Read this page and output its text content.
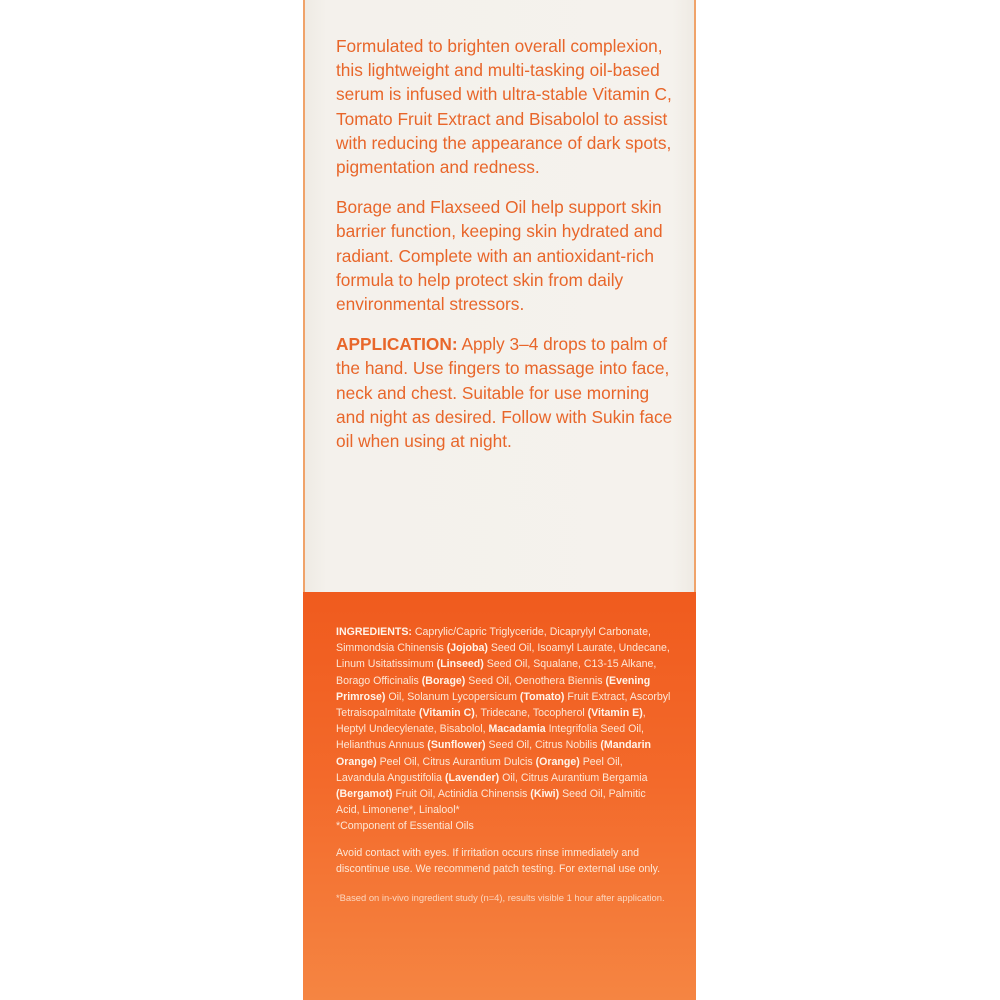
Formulated to brighten overall complexion, this lightweight and multi-tasking oil-based serum is infused with ultra-stable Vitamin C, Tomato Fruit Extract and Bisabolol to assist with reducing the appearance of dark spots, pigmentation and redness.

Borage and Flaxseed Oil help support skin barrier function, keeping skin hydrated and radiant. Complete with an antioxidant-rich formula to help protect skin from daily environmental stressors.

APPLICATION: Apply 3–4 drops to palm of the hand. Use fingers to massage into face, neck and chest. Suitable for use morning and night as desired. Follow with Sukin face oil when using at night.

INGREDIENTS: Caprylic/Capric Triglyceride, Dicaprylyl Carbonate, Simmondsia Chinensis (Jojoba) Seed Oil, Isoamyl Laurate, Undecane, Linum Usitatissimum (Linseed) Seed Oil, Squalane, C13-15 Alkane, Borago Officinalis (Borage) Seed Oil, Oenothera Biennis (Evening Primrose) Oil, Solanum Lycopersicum (Tomato) Fruit Extract, Ascorbyl Tetraisopalmitate (Vitamin C), Tridecane, Tocopherol (Vitamin E), Heptyl Undecylenate, Bisabolol, Macadamia Integrifolia Seed Oil, Helianthus Annuus (Sunflower) Seed Oil, Citrus Nobilis (Mandarin Orange) Peel Oil, Citrus Aurantium Dulcis (Orange) Peel Oil, Lavandula Angustifolia (Lavender) Oil, Citrus Aurantium Bergamia (Bergamot) Fruit Oil, Actinidia Chinensis (Kiwi) Seed Oil, Palmitic Acid, Limonene*, Linalool*

*Component of Essential Oils

Avoid contact with eyes. If irritation occurs rinse immediately and discontinue use. We recommend patch testing. For external use only.

*Based on in-vivo ingredient study (n=4), results visible 1 hour after application.
